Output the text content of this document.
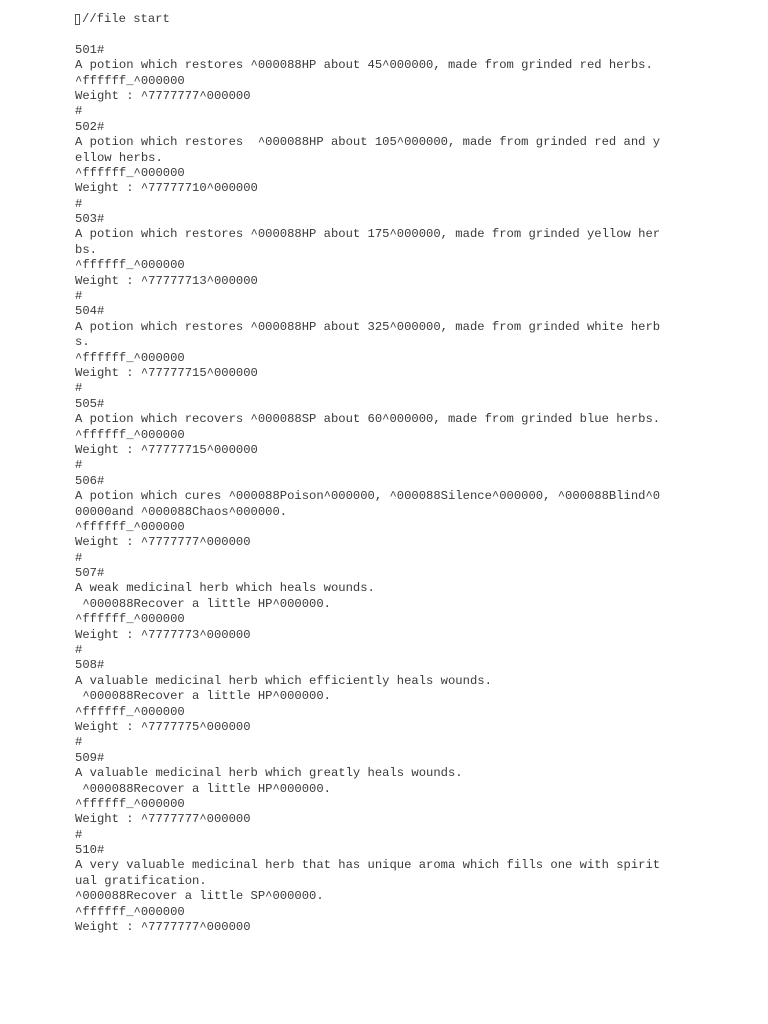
//file start
501#
A potion which restores ^000088HP about 45^000000, made from grinded red herbs.
^ffffff_^000000
Weight : ^7777777^000000
#
502#
A potion which restores  ^000088HP about 105^000000, made from grinded red and y
ellow herbs.
^ffffff_^000000
Weight : ^77777710^000000
#
503#
A potion which restores ^000088HP about 175^000000, made from grinded yellow her
bs.
^ffffff_^000000
Weight : ^77777713^000000
#
504#
A potion which restores ^000088HP about 325^000000, made from grinded white herb
s.
^ffffff_^000000
Weight : ^77777715^000000
#
505#
A potion which recovers ^000088SP about 60^000000, made from grinded blue herbs.
^ffffff_^000000
Weight : ^77777715^000000
#
506#
A potion which cures ^000088Poison^000000, ^000088Silence^000000, ^000088Blind^0
00000and ^000088Chaos^000000.
^ffffff_^000000
Weight : ^7777777^000000
#
507#
A weak medicinal herb which heals wounds.
^000088Recover a little HP^000000.
^ffffff_^000000
Weight : ^7777773^000000
#
508#
A valuable medicinal herb which efficiently heals wounds.
^000088Recover a little HP^000000.
^ffffff_^000000
Weight : ^7777775^000000
#
509#
A valuable medicinal herb which greatly heals wounds.
^000088Recover a little HP^000000.
^ffffff_^000000
Weight : ^7777777^000000
#
510#
A very valuable medicinal herb that has unique aroma which fills one with spirit
ual gratification.
^000088Recover a little SP^000000.
^ffffff_^000000
Weight : ^7777777^000000
